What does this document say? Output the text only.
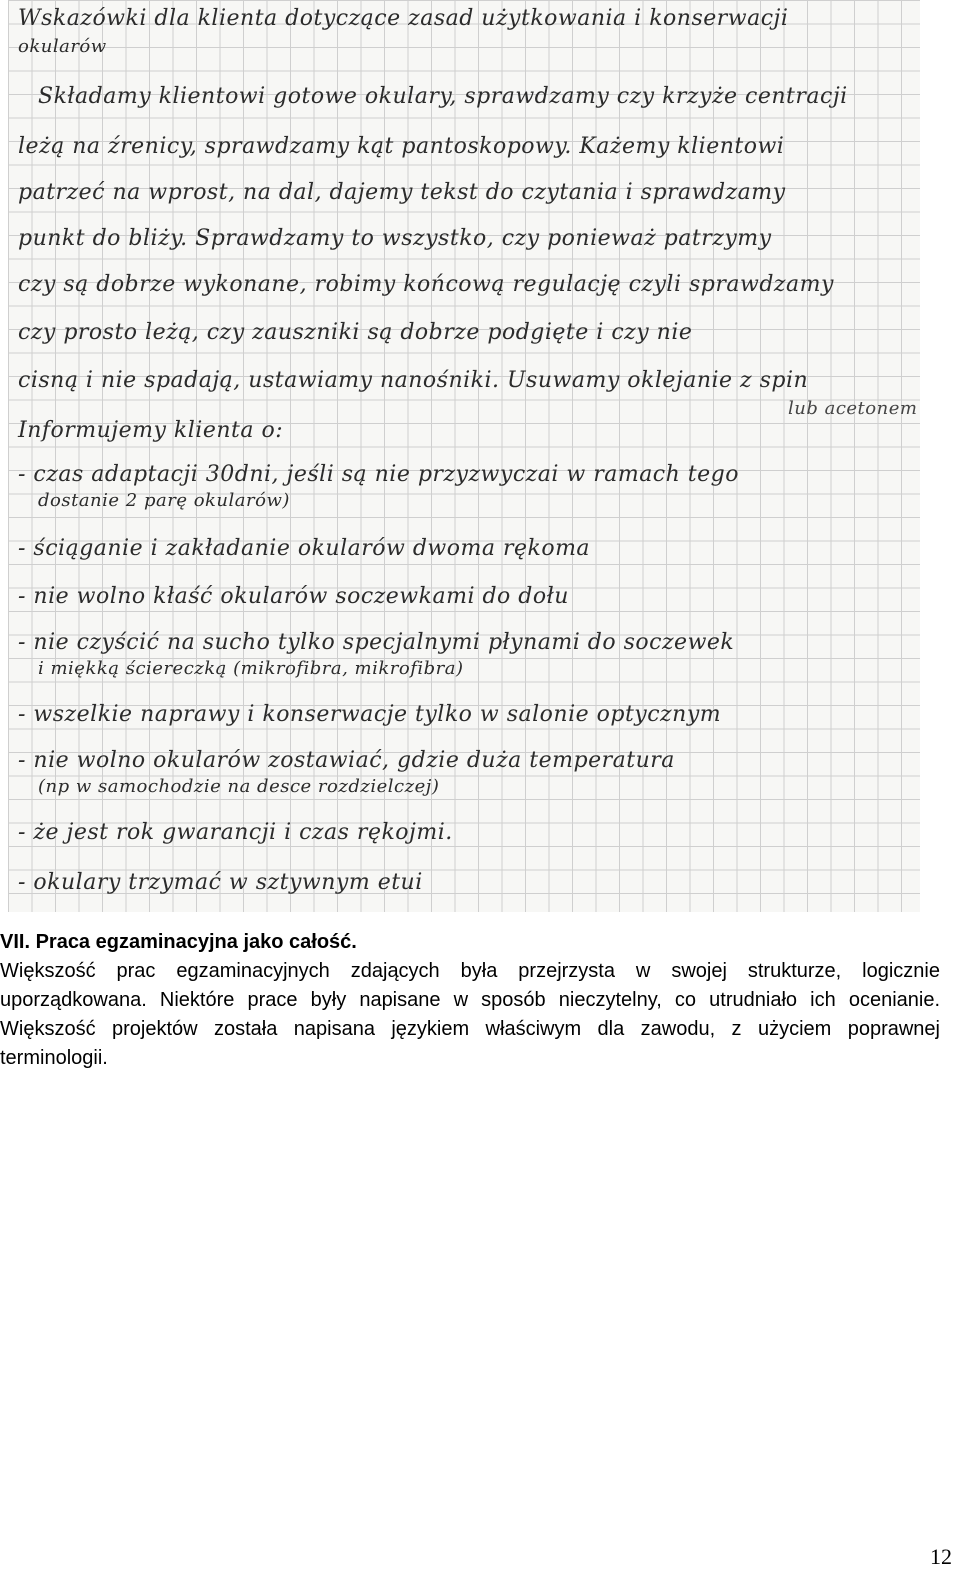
Wskazówki dla klienta dotyczące zasad użytkowania i konserwacji

okularów

Składamy klientowi gotowe okulary, sprawdzamy czy krzyże centracji

leżą na źrenicy, sprawdzamy kąt pantoskopowy. Każemy klientowi

patrzeć na wprost, na dal, dajemy tekst do czytania i sprawdzamy

punkt do bliży. Sprawdzamy to wszystko, czy ponieważ patrzymy

czy są dobrze wykonane, robimy końcową regulację czyli sprawdzamy

czy prosto leżą, czy zauszniki są dobrze podgięte i czy nie

cisną i nie spadają, ustawiamy nanośniki. Usuwamy oklejanie z spin

lub acetonem

Informujemy klienta o:

- czas adaptacji 30dni, jeśli są nie przyzwyczai w ramach tego

dostanie 2 parę okularów)

- ściąganie i zakładanie okularów dwoma rękoma

- nie wolno kłaść okularów soczewkami do dołu

- nie czyścić na sucho tylko specjalnymi płynami do soczewek

i miękką ściereczką (mikrofibra, mikrofibra)

- wszelkie naprawy i konserwacje tylko w salonie optycznym

- nie wolno okularów zostawiać, gdzie duża temperatura

(np w samochodzie na desce rozdzielczej)

- że jest rok gwarancji i czas rękojmi.

- okulary trzymać w sztywnym etui

VII. Praca egzaminacyjna jako całość.

Większość prac egzaminacyjnych zdających była przejrzysta w swojej strukturze, logicznie uporządkowana. Niektóre prace były napisane w sposób nieczytelny, co utrudniało ich ocenianie. Większość projektów została napisana językiem właściwym dla zawodu, z użyciem poprawnej terminologii.

12
